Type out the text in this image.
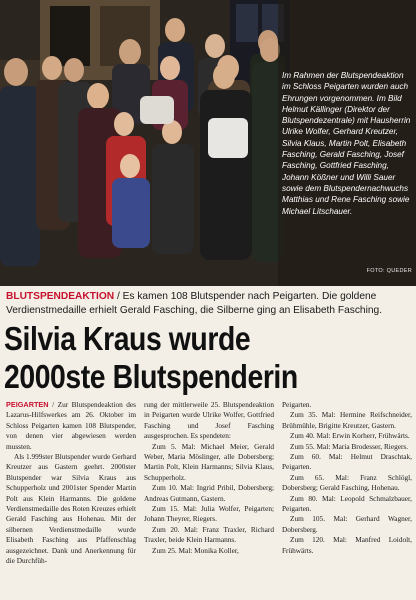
Im Rahmen der Blutspendeaktion im Schloss Peigarten wurden auch Ehrungen vorgenommen. Im Bild Helmut Källinger (Direktor der Blutspendezentrale) mit Hausherrin Ulrike Wolfer, Gerhard Kreutzer, Silvia Klaus, Martin Polt, Elisabeth Fasching, Gerald Fasching, Josef Fasching, Gottfried Fasching, Johann Kößner und Willi Sauer sowie dem Blutspendernachwuchs Matthias und Rene Fasching sowie Michael Litschauer.
FOTO: QUEDER
BLUTSPENDEAKTION / Es kamen 108 Blutspender nach Peigarten. Die goldene Verdienstmedaille erhielt Gerald Fasching, die Silberne ging an Elisabeth Fasching.
Silvia Kraus wurde
2000ste Blutspenderin

PEIGARTEN / Zur Blutspendeaktion des Lazarus-Hilfswerkes am 26. Oktober im Schloss Peigarten kamen 108 Blutspender, von denen vier abgewiesen werden mussten.

Als 1.999ster Blutspender wurde Gerhard Kreutzer aus Gastern geehrt. 2000ster Blutspender war Silvia Kraus aus Schupperholz und 2001ster Spender Martin Polt aus Klein Harmanns. Die goldene Verdienstmedaille des Roten Kreuzes erhielt Gerald Fasching aus Hohenau. Mit der silbernen Verdienstmedaille wurde Elisabeth Fasching aus Pfaffenschlag ausgezeichnet. Dank und Anerkennung für die Durchfüh-

rung der mittlerweile 25. Blutspendeaktion in Peigarten wurde Ulrike Wolfer, Gottfried Fasching und Josef Fasching ausgesprochen. Es spendeten:

Zum 5. Mal: Michael Meier, Gerald Weber, Maria Möslinger, alle Dobersberg; Martin Polt, Klein Harmanns; Silvia Klaus, Schupperholz.

Zum 10. Mal: Ingrid Pribil, Dobersberg; Andreas Gutmann, Gastern.

Zum 15. Mal: Julia Wolfer, Peigarten; Johann Theyrer, Riegers.

Zum 20. Mal: Franz Traxler, Richard Traxler, beide Klein Harmanns.

Zum 25. Mal: Monika Koller,

Peigarten.

Zum 35. Mal: Hermine Reifschneider, Brühmühle, Brigitte Kreutzer, Gastern.

Zum 40. Mal: Erwin Korherr, Frühwärts.

Zum 55. Mal: Maria Brodesser, Riegers.

Zum 60. Mal: Helmut Draschtak, Peigarten.

Zum 65. Mal: Franz Schlögl, Dobersberg; Gerald Fasching, Hohenau.

Zum 80. Mal: Leopold Schmalzbauer, Peigarten.

Zum 105. Mal: Gerhard Wagner, Dobersberg.

Zum 120. Mal: Manfred Loidolt, Frühwärts.
